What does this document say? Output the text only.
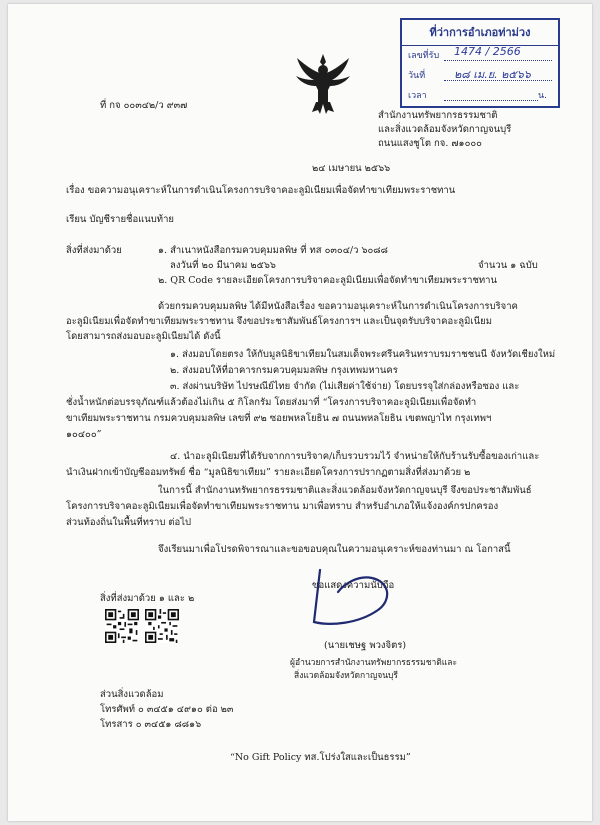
ที่ว่าการอำเภอท่าม่วง
เลขที่รับ 1474 / 2566
วันที่	๒๘ เม.ย. ๒๕๖๖
เวลา	น.
ที่ กจ ๐๐๓๔๒/ว ๙๓๗
สำนักงานทรัพยากรธรรมชาติ
และสิ่งแวดล้อมจังหวัดกาญจนบุรี
ถนนแสงชูโต กจ. ๗๑๐๐๐
๒๔ เมษายน ๒๕๖๖
เรื่อง ขอความอนุเคราะห์ในการดำเนินโครงการบริจาคอะลูมิเนียมเพื่อจัดทำขาเทียมพระราชทาน
เรียน บัญชีรายชื่อแนบท้าย
สิ่งที่ส่งมาด้วย	๑. สำเนาหนังสือกรมควบคุมมลพิษ ที่ ทส ๐๓๐๔/ว ๖๐๘๘
ลงวันที่ ๒๐ มีนาคม ๒๕๖๖	จำนวน ๑ ฉบับ
๒. QR Code รายละเอียดโครงการบริจาคอะลูมิเนียมเพื่อจัดทำขาเทียมพระราชทาน
ด้วยกรมควบคุมมลพิษ ได้มีหนังสือเรื่อง ขอความอนุเคราะห์ในการดำเนินโครงการบริจาค
อะลูมิเนียมเพื่อจัดทำขาเทียมพระราชทาน จึงขอประชาสัมพันธ์โครงการฯ และเป็นจุดรับบริจาคอะลูมิเนียม
โดยสามารถส่งมอบอะลูมิเนียมได้ ดังนี้
๑. ส่งมอบโดยตรง ให้กับมูลนิธิขาเทียมในสมเด็จพระศรีนครินทราบรมราชชนนี จังหวัดเชียงใหม่
๒. ส่งมอบให้ที่อาคารกรมควบคุมมลพิษ กรุงเทพมหานคร
๓. ส่งผ่านบริษัท ไปรษณีย์ไทย จำกัด (ไม่เสียค่าใช้จ่าย) โดยบรรจุใส่กล่องหรือซอง และ
ชั่งน้ำหนักต่อบรรจุภัณฑ์แล้วต้องไม่เกิน ๕ กิโลกรัม โดยส่งมาที่ “โครงการบริจาคอะลูมิเนียมเพื่อจัดทำ
ขาเทียมพระราชทาน กรมควบคุมมลพิษ เลขที่ ๙๒ ซอยพหลโยธิน ๗ ถนนพหลโยธิน เขตพญาไท กรุงเทพฯ
๑๐๔๐๐”
๔. นำอะลูมิเนียมที่ได้รับจากการบริจาค/เก็บรวบรวมไว้ จำหน่ายให้กับร้านรับซื้อของเก่าและ
นำเงินฝากเข้าบัญชีออมทรัพย์ ชื่อ “มูลนิธิขาเทียม” รายละเอียดโครงการปรากฏตามสิ่งที่ส่งมาด้วย ๒
ในการนี้ สำนักงานทรัพยากรธรรมชาติและสิ่งแวดล้อมจังหวัดกาญจนบุรี จึงขอประชาสัมพันธ์
โครงการบริจาคอะลูมิเนียมเพื่อจัดทำขาเทียมพระราชทาน มาเพื่อทราบ สำหรับอำเภอให้แจ้งองค์กรปกครอง
ส่วนท้องถิ่นในพื้นที่ทราบ ต่อไป
จึงเรียนมาเพื่อโปรดพิจารณาและขอขอบคุณในความอนุเคราะห์ของท่านมา ณ โอกาสนี้
ขอแสดงความนับถือ
(นายเชษฐ พวงจิตร)
ผู้อำนวยการสำนักงานทรัพยากรธรรมชาติและ
สิ่งแวดล้อมจังหวัดกาญจนบุรี
สิ่งที่ส่งมาด้วย ๑ และ ๒
ส่วนสิ่งแวดล้อม
โทรศัพท์ ๐ ๓๔๕๑ ๔๙๑๐ ต่อ ๒๓
โทรสาร ๐ ๓๔๕๑ ๘๘๑๖
“No Gift Policy ทส.โปร่งใสและเป็นธรรม”
